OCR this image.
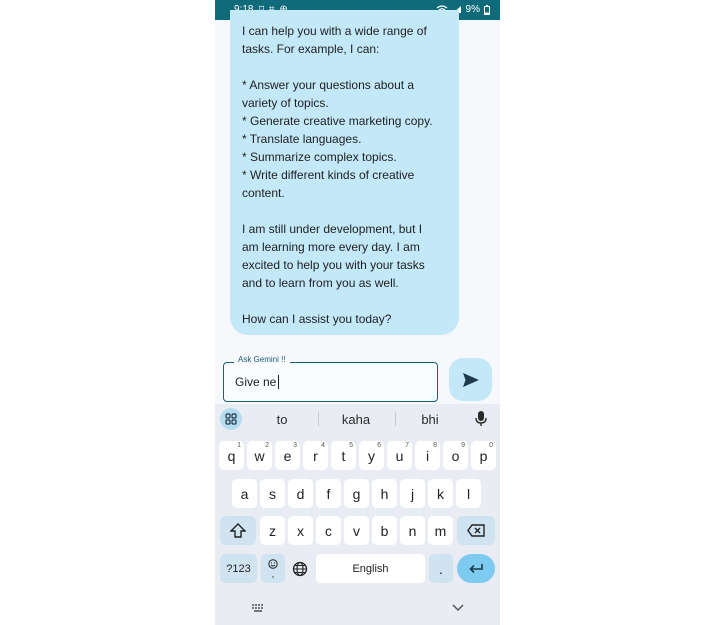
9%

I can help you with a wide range of

tasks. For example, I can:

* Answer your questions about a

variety of topics.

* Generate creative marketing copy.

* Translate languages.

* Summarize complex topics.

* Write different kinds of creative

content.

I am still under development, but I

am learning more every day. I am

excited to help you with your tasks

and to learn from you as well.

How can I assist you today?

Ask Gemini !!
Give ne
to	kaha	bhi
q
1
w
2
e
3
r
4
t
5
y
6
u
7
i
8
o
9
p
0
a s d f g h j k l
z x c v b n m
?123	,	English	.
